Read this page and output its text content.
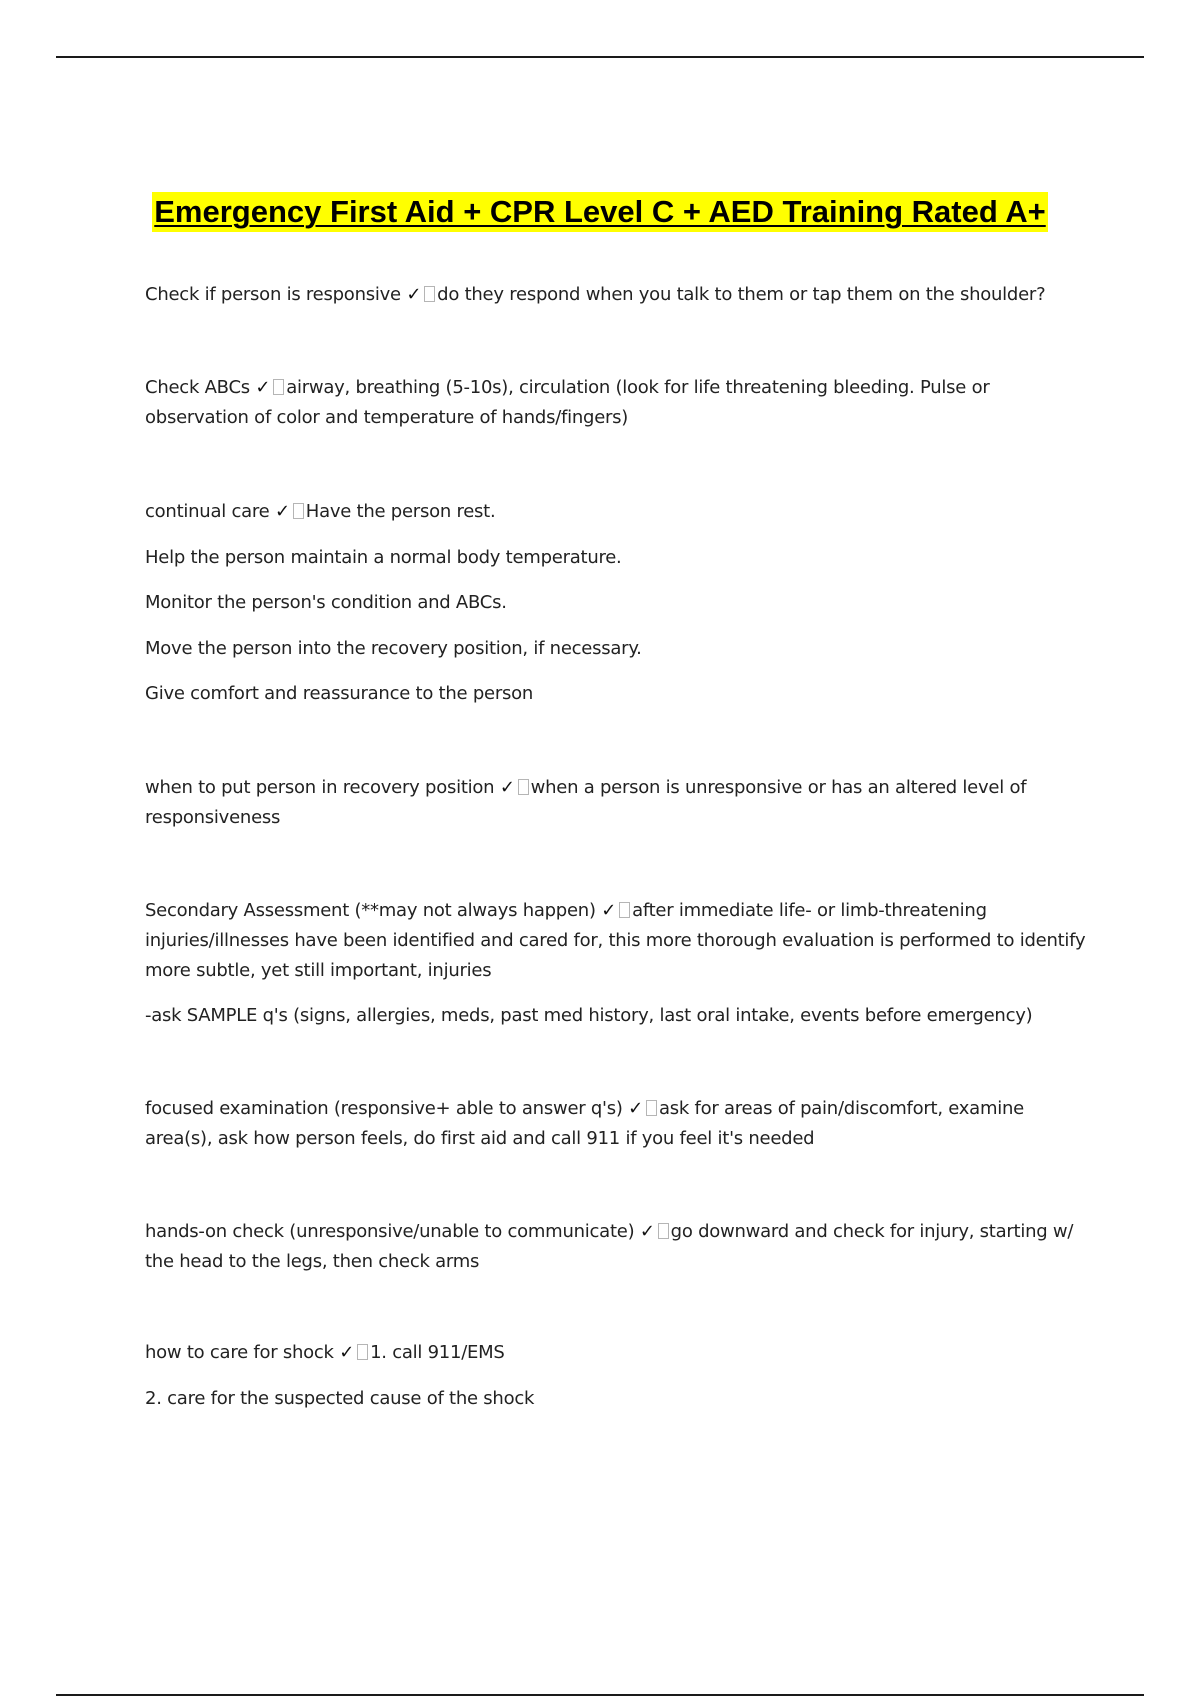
Emergency First Aid + CPR Level C + AED Training Rated A+
Check if person is responsive ✓ do they respond when you talk to them or tap them on the shoulder?
Check ABCs ✓ airway, breathing (5-10s), circulation (look for life threatening bleeding. Pulse or observation of color and temperature of hands/fingers)
continual care ✓ Have the person rest.
Help the person maintain a normal body temperature.
Monitor the person's condition and ABCs.
Move the person into the recovery position, if necessary.
Give comfort and reassurance to the person
when to put person in recovery position ✓ when a person is unresponsive or has an altered level of responsiveness
Secondary Assessment (**may not always happen) ✓ after immediate life- or limb-threatening injuries/illnesses have been identified and cared for, this more thorough evaluation is performed to identify more subtle, yet still important, injuries
-ask SAMPLE q's (signs, allergies, meds, past med history, last oral intake, events before emergency)
focused examination (responsive+ able to answer q's) ✓ ask for areas of pain/discomfort, examine area(s), ask how person feels, do first aid and call 911 if you feel it's needed
hands-on check (unresponsive/unable to communicate) ✓ go downward and check for injury, starting w/ the head to the legs, then check arms
how to care for shock ✓ 1. call 911/EMS
2. care for the suspected cause of the shock
